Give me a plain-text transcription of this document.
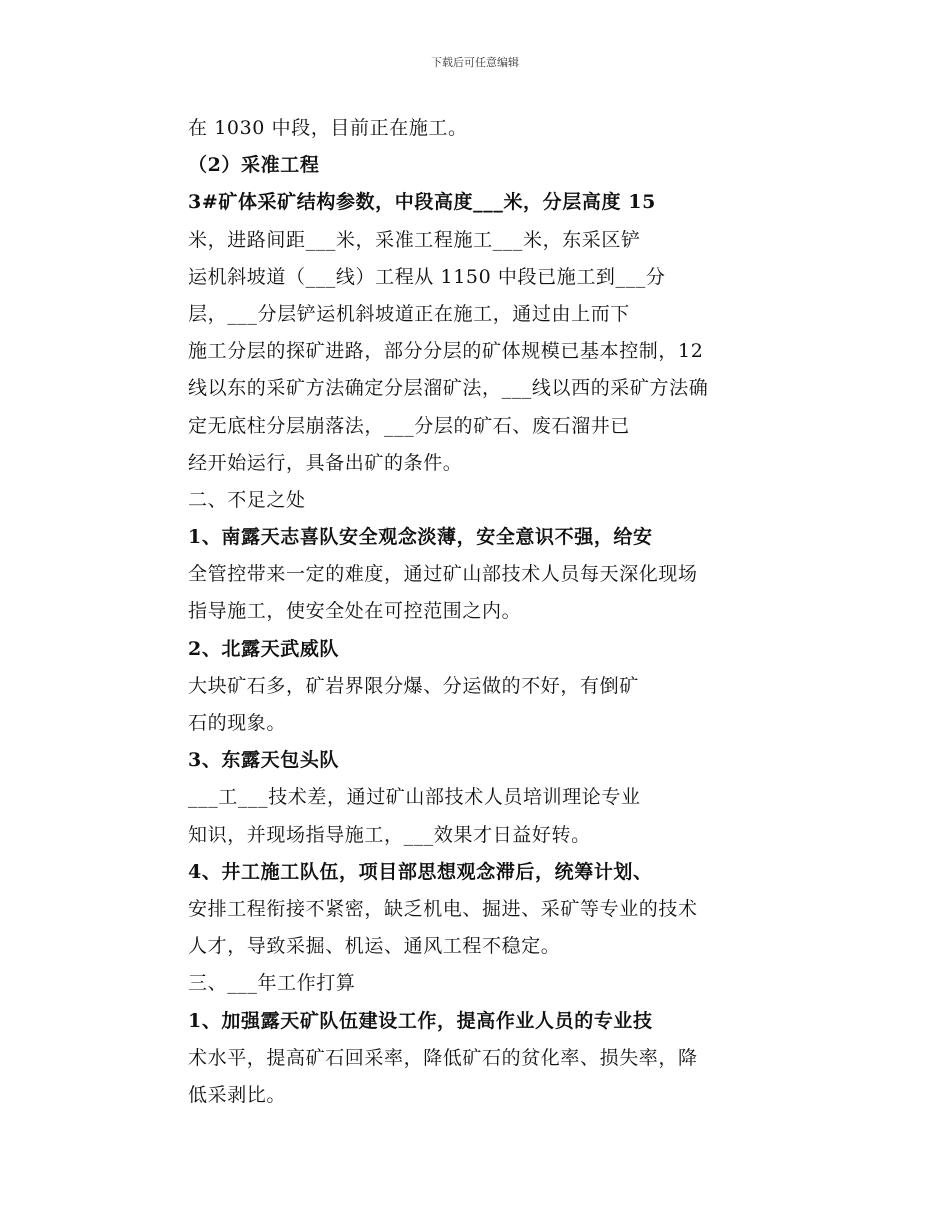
下载后可任意编辑
在 1030 中段，目前正在施工。
（2）采准工程
3#矿体采矿结构参数，中段高度___米，分层高度 15
米，进路间距___米，采准工程施工___米，东采区铲
运机斜坡道（___线）工程从 1150 中段已施工到___分
层，___分层铲运机斜坡道正在施工，通过由上而下
施工分层的探矿进路，部分分层的矿体规模已基本控制，12
线以东的采矿方法确定分层溜矿法，___线以西的采矿方法确
定无底柱分层崩落法，___分层的矿石、废石溜井已
经开始运行，具备出矿的条件。
二、不足之处
1、南露天志喜队安全观念淡薄，安全意识不强，给安
全管控带来一定的难度，通过矿山部技术人员每天深化现场
指导施工，使安全处在可控范围之内。
2、北露天武威队
大块矿石多，矿岩界限分爆、分运做的不好，有倒矿
石的现象。
3、东露天包头队
___工___技术差，通过矿山部技术人员培训理论专业
知识，并现场指导施工，___效果才日益好转。
4、井工施工队伍，项目部思想观念滞后，统筹计划、
安排工程衔接不紧密，缺乏机电、掘进、采矿等专业的技术
人才，导致采掘、机运、通风工程不稳定。
三、___年工作打算
1、加强露天矿队伍建设工作，提高作业人员的专业技
术水平，提高矿石回采率，降低矿石的贫化率、损失率，降
低采剥比。
